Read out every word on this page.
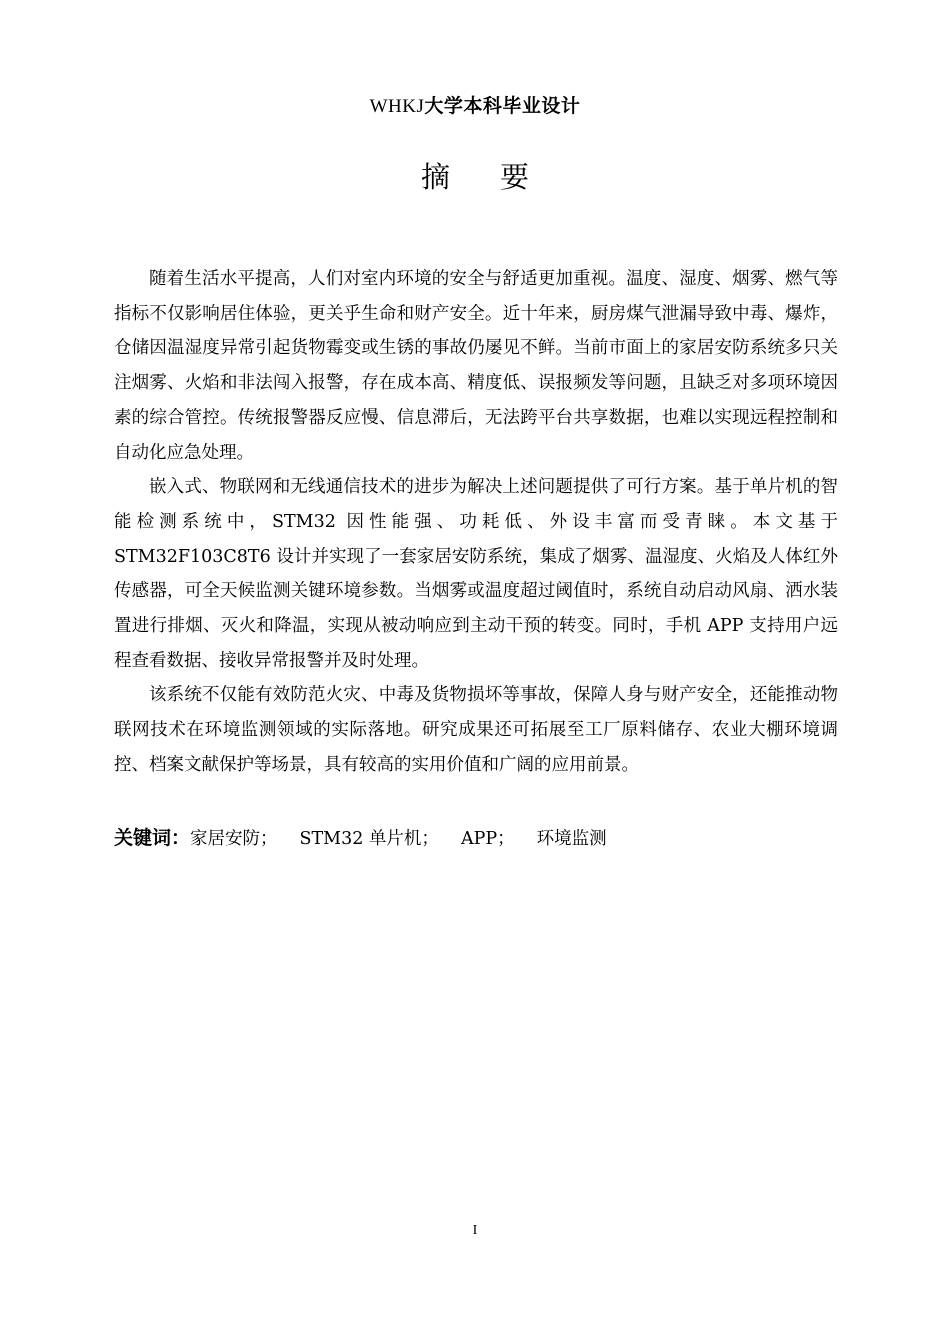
WHKJ大学本科毕业设计
摘 要

随着生活水平提高，人们对室内环境的安全与舒适更加重视。温度、湿度、烟雾、燃气等指标不仅影响居住体验，更关乎生命和财产安全。近十年来，厨房煤气泄漏导致中毒、爆炸，仓储因温湿度异常引起货物霉变或生锈的事故仍屡见不鲜。当前市面上的家居安防系统多只关注烟雾、火焰和非法闯入报警，存在成本高、精度低、误报频发等问题，且缺乏对多项环境因素的综合管控。传统报警器反应慢、信息滞后，无法跨平台共享数据，也难以实现远程控制和自动化应急处理。

嵌入式、物联网和无线通信技术的进步为解决上述问题提供了可行方案。基于单片机的智能检测系统中，STM32 因性能强、功耗低、外设丰富而受青睐。本文基于 STM32F103C8T6 设计并实现了一套家居安防系统，集成了烟雾、温湿度、火焰及人体红外传感器，可全天候监测关键环境参数。当烟雾或温度超过阈值时，系统自动启动风扇、洒水装置进行排烟、灭火和降温，实现从被动响应到主动干预的转变。同时，手机 APP 支持用户远程查看数据、接收异常报警并及时处理。

该系统不仅能有效防范火灾、中毒及货物损坏等事故，保障人身与财产安全，还能推动物联网技术在环境监测领域的实际落地。研究成果还可拓展至工厂原料储存、农业大棚环境调控、档案文献保护等场景，具有较高的实用价值和广阔的应用前景。

关键词：家居安防； STM32 单片机； APP； 环境监测
I
